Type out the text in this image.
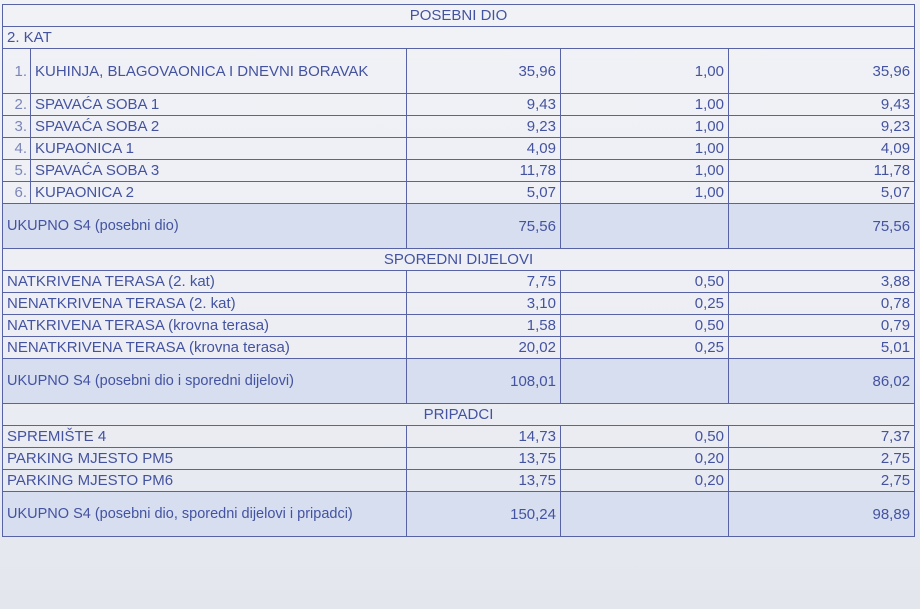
POSEBNI DIO				
2. KAT				
1.	KUHINJA, BLAGOVAONICA I DNEVNI BORAVAK	35,96	1,00	35,96
2.	SPAVAĆA SOBA 1	9,43	1,00	9,43
3.	SPAVAĆA SOBA 2	9,23	1,00	9,23
4.	KUPAONICA 1	4,09	1,00	4,09
5.	SPAVAĆA SOBA 3	11,78	1,00	11,78
6.	KUPAONICA 2	5,07	1,00	5,07
UKUPNO S4 (posebni dio)		75,56		75,56
SPOREDNI DIJELOVI				
NATKRIVENA TERASA (2. kat)		7,75	0,50	3,88
NENATKRIVENA TERASA (2. kat)		3,10	0,25	0,78
NATKRIVENA TERASA (krovna terasa)		1,58	0,50	0,79
NENATKRIVENA TERASA (krovna terasa)		20,02	0,25	5,01
UKUPNO S4 (posebni dio i sporedni dijelovi)		108,01		86,02
PRIPADCI				
SPREMIŠTE 4		14,73	0,50	7,37
PARKING MJESTO PM5		13,75	0,20	2,75
PARKING MJESTO PM6		13,75	0,20	2,75
UKUPNO S4 (posebni dio, sporedni dijelovi i pripadci)		150,24		98,89
